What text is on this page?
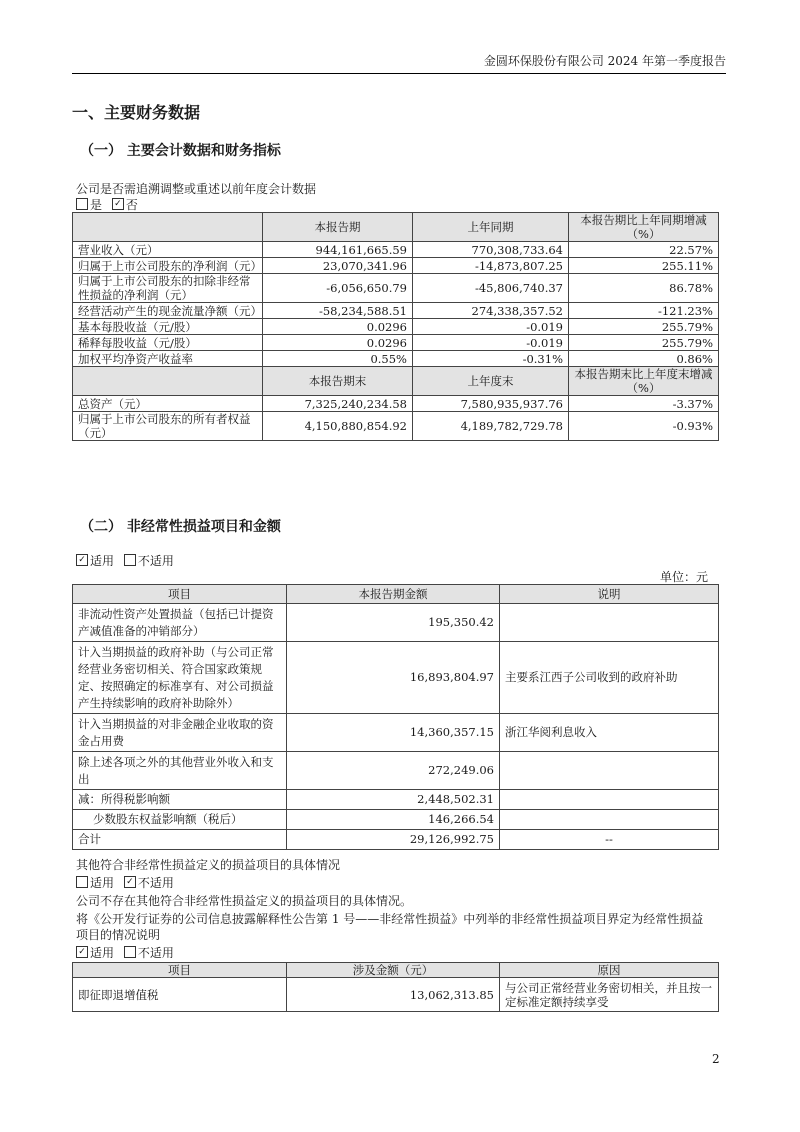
金圆环保股份有限公司 2024 年第一季度报告
一、主要财务数据
（一） 主要会计数据和财务指标
公司是否需追溯调整或重述以前年度会计数据
是 ✓ 否
	本报告期	上年同期	本报告期比上年同期增减（%）
营业收入（元）	944,161,665.59	770,308,733.64	22.57%
归属于上市公司股东的净利润（元）	23,070,341.96	-14,873,807.25	255.11%
归属于上市公司股东的扣除非经常性损益的净利润（元）	-6,056,650.79	-45,806,740.37	86.78%
经营活动产生的现金流量净额（元）	-58,234,588.51	274,338,357.52	-121.23%
基本每股收益（元/股）	0.0296	-0.019	255.79%
稀释每股收益（元/股）	0.0296	-0.019	255.79%
加权平均净资产收益率	0.55%	-0.31%	0.86%
	本报告期末	上年度末	本报告期末比上年度末增减（%）
总资产（元）	7,325,240,234.58	7,580,935,937.76	-3.37%
归属于上市公司股东的所有者权益（元）	4,150,880,854.92	4,189,782,729.78	-0.93%
（二） 非经常性损益项目和金额
✓适用 不适用
单位：元
项目	本报告期金额	说明
非流动性资产处置损益（包括已计提资产减值准备的冲销部分）	195,350.42	
计入当期损益的政府补助（与公司正常经营业务密切相关、符合国家政策规定、按照确定的标准享有、对公司损益产生持续影响的政府补助除外）	16,893,804.97	主要系江西子公司收到的政府补助
计入当期损益的对非金融企业收取的资金占用费	14,360,357.15	浙江华阅利息收入
除上述各项之外的其他营业外收入和支出	272,249.06	
减：所得税影响额	2,448,502.31	
少数股东权益影响额（税后）	146,266.54	
合计	29,126,992.75	--
其他符合非经常性损益定义的损益项目的具体情况
适用 ✓ 不适用
公司不存在其他符合非经常性损益定义的损益项目的具体情况。
将《公开发行证券的公司信息披露解释性公告第 1 号——非经常性损益》中列举的非经常性损益项目界定为经常性损益
项目的情况说明
✓适用 不适用
项目	涉及金额（元）	原因
即征即退增值税	13,062,313.85	与公司正常经营业务密切相关，并且按一定标准定额持续享受
2
